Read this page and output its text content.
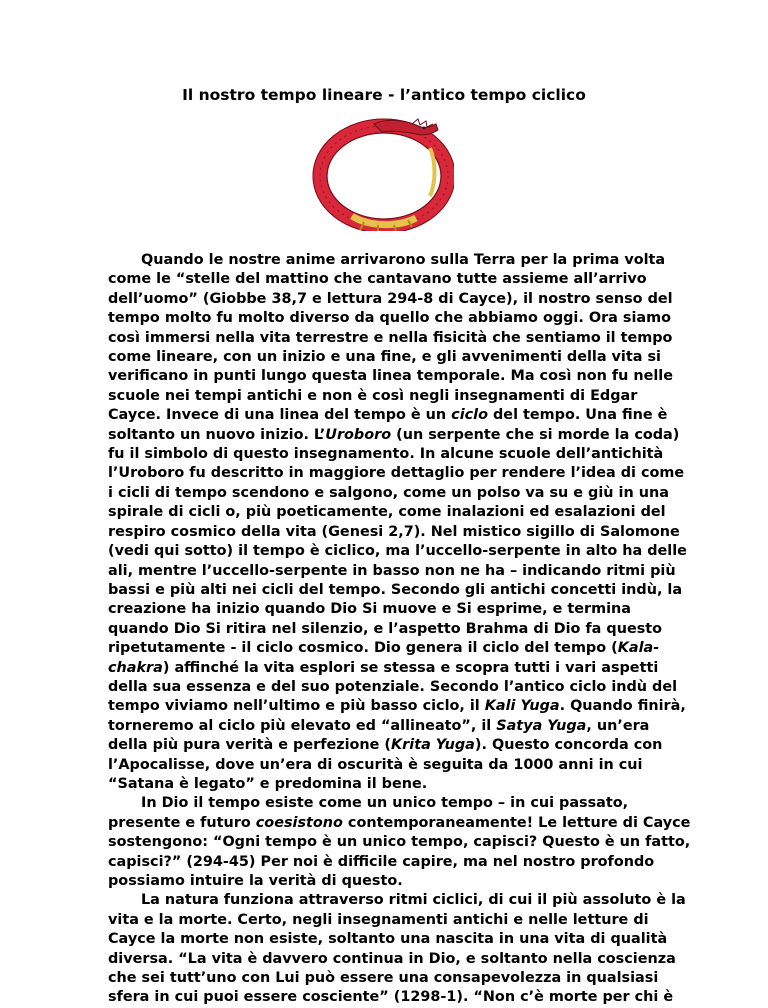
Il nostro tempo lineare - l’antico tempo ciclico
Quando le nostre anime arrivarono sulla Terra per la prima volta
come le “stelle del mattino che cantavano tutte assieme all’arrivo
dell’uomo” (Giobbe 38,7 e lettura 294-8 di Cayce), il nostro senso del
tempo molto fu molto diverso da quello che abbiamo oggi. Ora siamo
così immersi nella vita terrestre e nella fisicità che sentiamo il tempo
come lineare, con un inizio e una fine, e gli avvenimenti della vita si
verificano in punti lungo questa linea temporale. Ma così non fu nelle
scuole nei tempi antichi e non è così negli insegnamenti di Edgar
Cayce. Invece di una linea del tempo è un ciclo del tempo. Una fine è
soltanto un nuovo inizio. L’Uroboro (un serpente che si morde la coda)
fu il simbolo di questo insegnamento. In alcune scuole dell’antichità
l’Uroboro fu descritto in maggiore dettaglio per rendere l’idea di come
i cicli di tempo scendono e salgono, come un polso va su e giù in una
spirale di cicli o, più poeticamente, come inalazioni ed esalazioni del
respiro cosmico della vita (Genesi 2,7). Nel mistico sigillo di Salomone
(vedi qui sotto) il tempo è ciclico, ma l’uccello-serpente in alto ha delle
ali, mentre l’uccello-serpente in basso non ne ha – indicando ritmi più
bassi e più alti nei cicli del tempo. Secondo gli antichi concetti indù, la
creazione ha inizio quando Dio Si muove e Si esprime, e termina
quando Dio Si ritira nel silenzio, e l’aspetto Brahma di Dio fa questo
ripetutamente - il ciclo cosmico. Dio genera il ciclo del tempo (Kala-
chakra) affinché la vita esplori se stessa e scopra tutti i vari aspetti
della sua essenza e del suo potenziale. Secondo l’antico ciclo indù del
tempo viviamo nell’ultimo e più basso ciclo, il Kali Yuga. Quando finirà,
torneremo al ciclo più elevato ed “allineato”, il Satya Yuga, un’era
della più pura verità e perfezione (Krita Yuga). Questo concorda con
l’Apocalisse, dove un’era di oscurità è seguita da 1000 anni in cui
“Satana è legato” e predomina il bene.
In Dio il tempo esiste come un unico tempo – in cui passato,
presente e futuro coesistono contemporaneamente! Le letture di Cayce
sostengono: “Ogni tempo è un unico tempo, capisci? Questo è un fatto,
capisci?” (294-45) Per noi è difficile capire, ma nel nostro profondo
possiamo intuire la verità di questo.
La natura funziona attraverso ritmi ciclici, di cui il più assoluto è la
vita e la morte. Certo, negli insegnamenti antichi e nelle letture di
Cayce la morte non esiste, soltanto una nascita in una vita di qualità
diversa. “La vita è davvero continua in Dio, e soltanto nella coscienza
che sei tutt’uno con Lui può essere una consapevolezza in qualsiasi
sfera in cui puoi essere cosciente” (1298-1). “Non c’è morte per chi è
